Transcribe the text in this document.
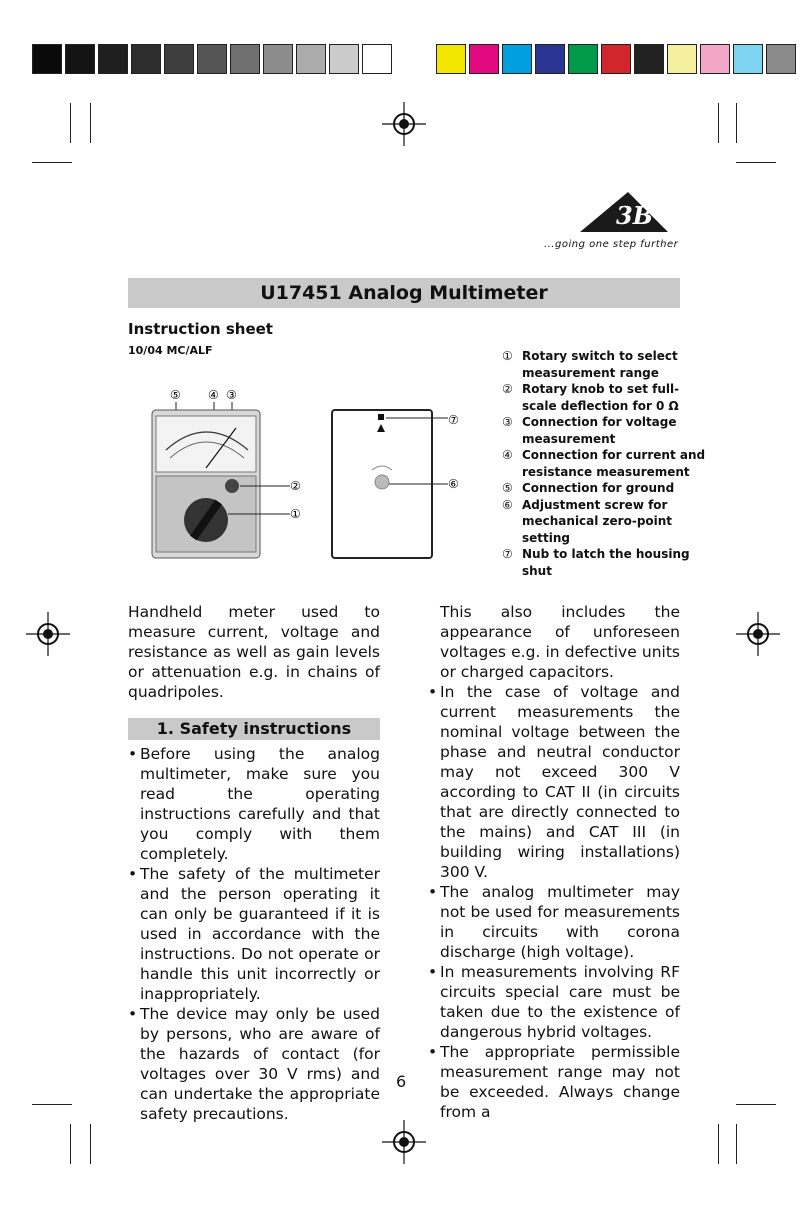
3B
...going one step further
U17451 Analog Multimeter
Instruction sheet
10/04 MC/ALF
⑤ ④ ③
②
①
⑦
⑥
① Rotary switch to select measurement range
② Rotary knob to set full-scale deflection for 0 Ω
③ Connection for voltage measurement
④ Connection for current and resistance measurement
⑤ Connection for ground
⑥ Adjustment screw for mechanical zero-point setting
⑦ Nub to latch the housing shut
Handheld meter used to measure current, voltage and resistance as well as gain levels or attenuation e.g. in chains of quadripoles.
1. Safety instructions
• Before using the analog multimeter, make sure you read the operating instructions carefully and that you comply with them completely.
• The safety of the multimeter and the person operating it can only be guaranteed if it is used in accordance with the instructions. Do not operate or handle this unit incorrectly or inappropriately.
• The device may only be used by persons, who are aware of the hazards of contact (for voltages over 30 V rms) and can undertake the appropriate safety precautions.
This also includes the appearance of unforeseen voltages e.g. in defective units or charged capacitors.
• In the case of voltage and current measurements the nominal voltage between the phase and neutral conductor may not exceed 300 V according to CAT II (in circuits that are directly connected to the mains) and CAT III (in building wiring installations) 300 V.
• The analog multimeter may not be used for measurements in circuits with corona discharge (high voltage).
• In measurements involving RF circuits special care must be taken due to the existence of dangerous hybrid voltages.
• The appropriate permissible measurement range may not be exceeded. Always change from a
6
